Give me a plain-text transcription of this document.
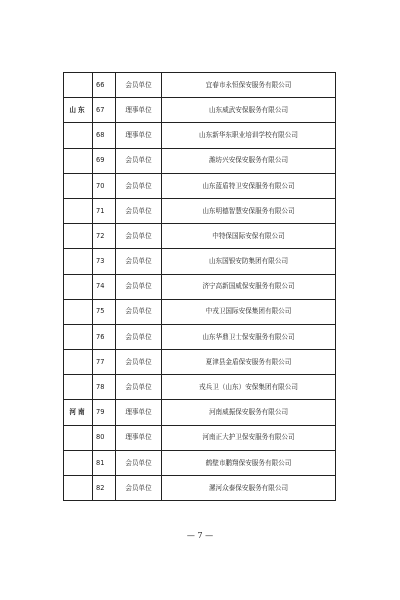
	66	会员单位	宜春市永恒保安服务有限公司
山东	67	理事单位	山东威武安保服务有限公司
	68	理事单位	山东新华东职业培训学校有限公司
	69	会员单位	潍坊兴安保安服务有限公司
	70	会员单位	山东蓝盾特卫安保服务有限公司
	71	会员单位	山东明德智慧安保服务有限公司
	72	会员单位	中特保国际安保有限公司
	73	会员单位	山东国银安防集团有限公司
	74	会员单位	济宁高新国威保安服务有限公司
	75	会员单位	中戎卫国际安保集团有限公司
	76	会员单位	山东华鼎卫士保安服务有限公司
	77	会员单位	夏津县金盾保安服务有限公司
	78	会员单位	戎兵卫（山东）安保集团有限公司
河南	79	理事单位	河南威振保安服务有限公司
	80	理事单位	河南正大护卫保安服务有限公司
	81	会员单位	鹤壁市鹏翔保安服务有限公司
	82	会员单位	漯河众泰保安服务有限公司
— 7 —
